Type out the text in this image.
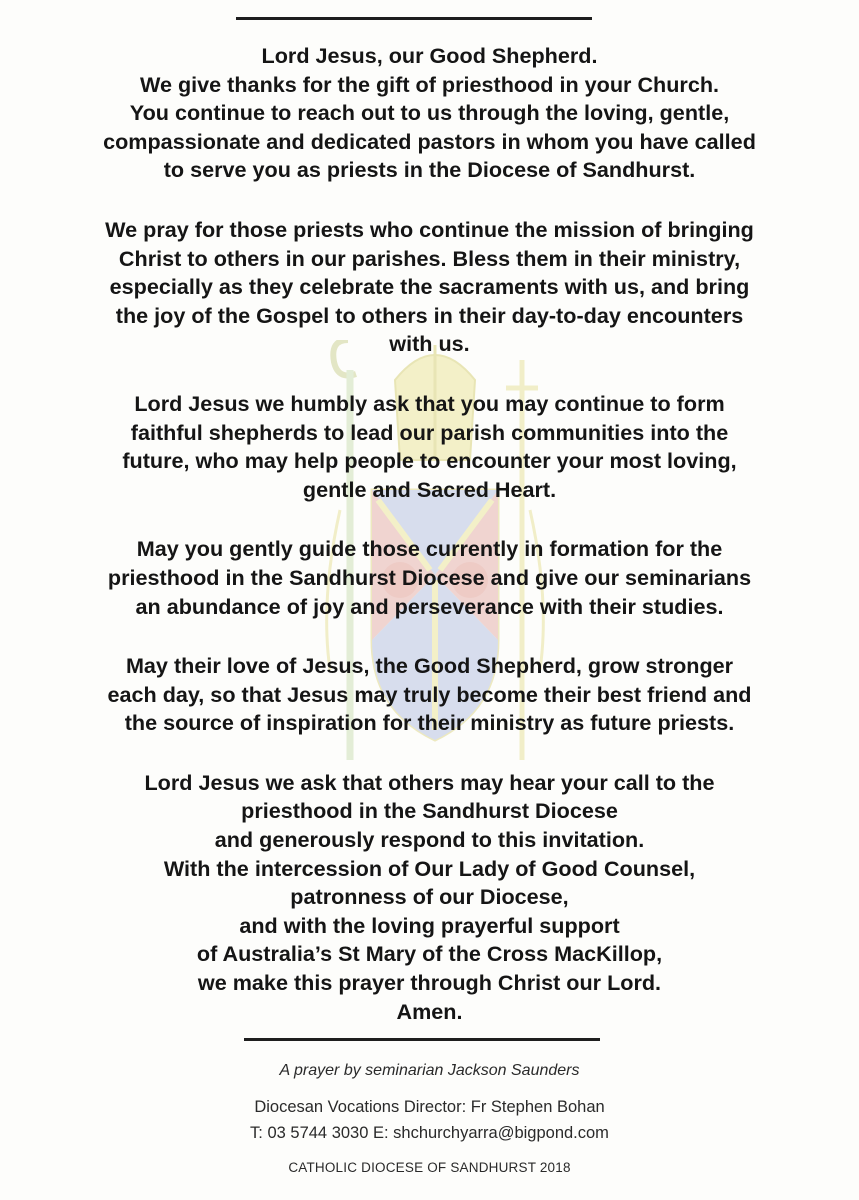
Lord Jesus, our Good Shepherd.
We give thanks for the gift of priesthood in your Church.
You continue to reach out to us through the loving, gentle,
compassionate and dedicated pastors in whom you have called
to serve you as priests in the Diocese of Sandhurst.
We pray for those priests who continue the mission of bringing
Christ to others in our parishes. Bless them in their ministry,
especially as they celebrate the sacraments with us, and bring
the joy of the Gospel to others in their day-to-day encounters
with us.
Lord Jesus we humbly ask that you may continue to form
faithful shepherds to lead our parish communities into the
future, who may help people to encounter your most loving,
gentle and Sacred Heart.
May you gently guide those currently in formation for the
priesthood in the Sandhurst Diocese and give our seminarians
an abundance of joy and perseverance with their studies.
May their love of Jesus, the Good Shepherd, grow stronger
each day, so that Jesus may truly become their best friend and
the source of inspiration for their ministry as future priests.
Lord Jesus we ask that others may hear your call to the
priesthood in the Sandhurst Diocese
and generously respond to this invitation.
With the intercession of Our Lady of Good Counsel,
patronness of our Diocese,
and with the loving prayerful support
of Australia’s St Mary of the Cross MacKillop,
we make this prayer through Christ our Lord.
Amen.
A prayer by seminarian Jackson Saunders
Diocesan Vocations Director: Fr Stephen Bohan
T: 03 5744 3030 E: shchurchyarra@bigpond.com
CATHOLIC DIOCESE OF SANDHURST 2018
